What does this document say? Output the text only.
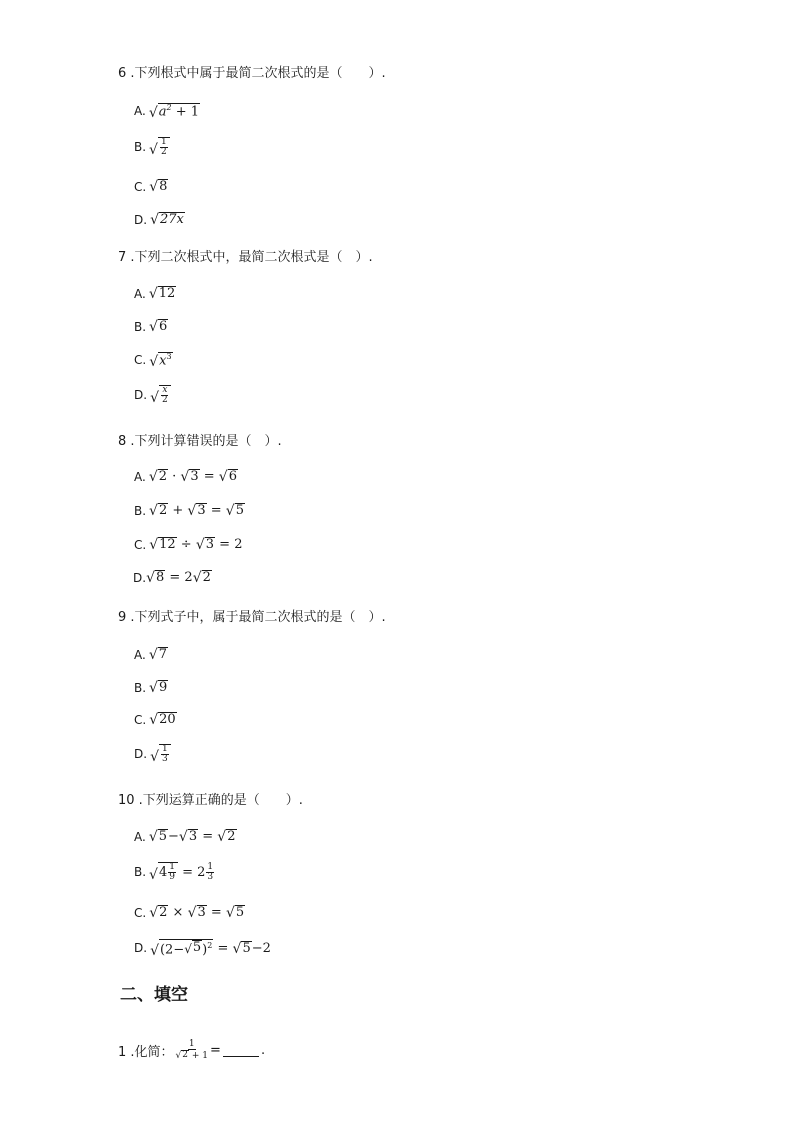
6 .下列根式中属于最简二次根式的是（　　）.
A. √ $a^2 + 1$
B. √ $\frac{1}{2}$
C. √ 8
D. √ 27x
7 .下列二次根式中，最简二次根式是（　）.
A. √ 12
B. √ 6
C. √ $x^3$
D. √ $\frac{x}{2}$
8 .下列计算错误的是（　）.
A. √ 2 · √ 3 = √ 6
B. √ 2 + √ 3 = √ 5
C. √ 12 ÷ √ 3 = 2
D. √ 8 = 2 √ 2
9 .下列式子中，属于最简二次根式的是（　）.
A. √ 7
B. √ 9
C. √ 20
D. √ $\frac{1}{3}$
10 .下列运算正确的是（　　）.
A. √ 5 − √ 3 = √ 2
B. √ $4 \frac{1}{9} = 2 \frac{1}{3}$
C. √ 2 × √ 3 = √ 5
D. √ (2− √ 5 )$^2$ = √ 5 −2
二、填空
1 .化简： $\frac{1}{√ 2 + 1}$ =	.
